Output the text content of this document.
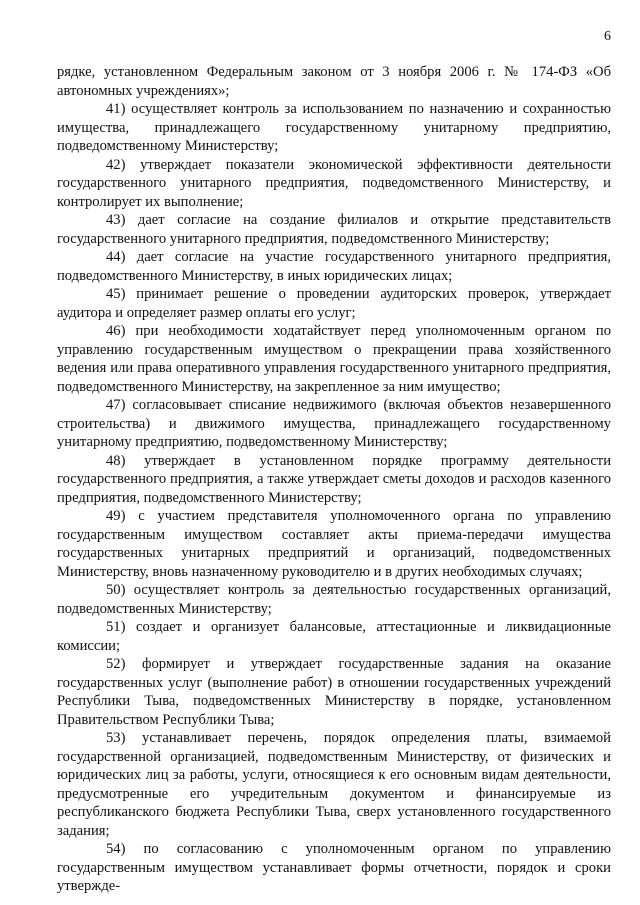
6

рядке, установленном Федеральным законом от 3 ноября 2006 г. № 174-ФЗ «Об автономных учреждениях»;

41) осуществляет контроль за использованием по назначению и сохранностью имущества, принадлежащего государственному унитарному предприятию, подведомственному Министерству;

42) утверждает показатели экономической эффективности деятельности государственного унитарного предприятия, подведомственного Министерству, и контролирует их выполнение;

43) дает согласие на создание филиалов и открытие представительств государственного унитарного предприятия, подведомственного Министерству;

44) дает согласие на участие государственного унитарного предприятия, подведомственного Министерству, в иных юридических лицах;

45) принимает решение о проведении аудиторских проверок, утверждает аудитора и определяет размер оплаты его услуг;

46) при необходимости ходатайствует перед уполномоченным органом по управлению государственным имуществом о прекращении права хозяйственного ведения или права оперативного управления государственного унитарного предприятия, подведомственного Министерству, на закрепленное за ним имущество;

47) согласовывает списание недвижимого (включая объектов незавершенного строительства) и движимого имущества, принадлежащего государственному унитарному предприятию, подведомственному Министерству;

48) утверждает в установленном порядке программу деятельности государственного предприятия, а также утверждает сметы доходов и расходов казенного предприятия, подведомственного Министерству;

49) с участием представителя уполномоченного органа по управлению государственным имуществом составляет акты приема-передачи имущества государственных унитарных предприятий и организаций, подведомственных Министерству, вновь назначенному руководителю и в других необходимых случаях;

50) осуществляет контроль за деятельностью государственных организаций, подведомственных Министерству;

51) создает и организует балансовые, аттестационные и ликвидационные комиссии;

52) формирует и утверждает государственные задания на оказание государственных услуг (выполнение работ) в отношении государственных учреждений Республики Тыва, подведомственных Министерству в порядке, установленном Правительством Республики Тыва;

53) устанавливает перечень, порядок определения платы, взимаемой государственной организацией, подведомственным Министерству, от физических и юридических лиц за работы, услуги, относящиеся к его основным видам деятельности, предусмотренные его учредительным документом и финансируемые из республиканского бюджета Республики Тыва, сверх установленного государственного задания;

54) по согласованию с уполномоченным органом по управлению государственным имуществом устанавливает формы отчетности, порядок и сроки утвержде-
